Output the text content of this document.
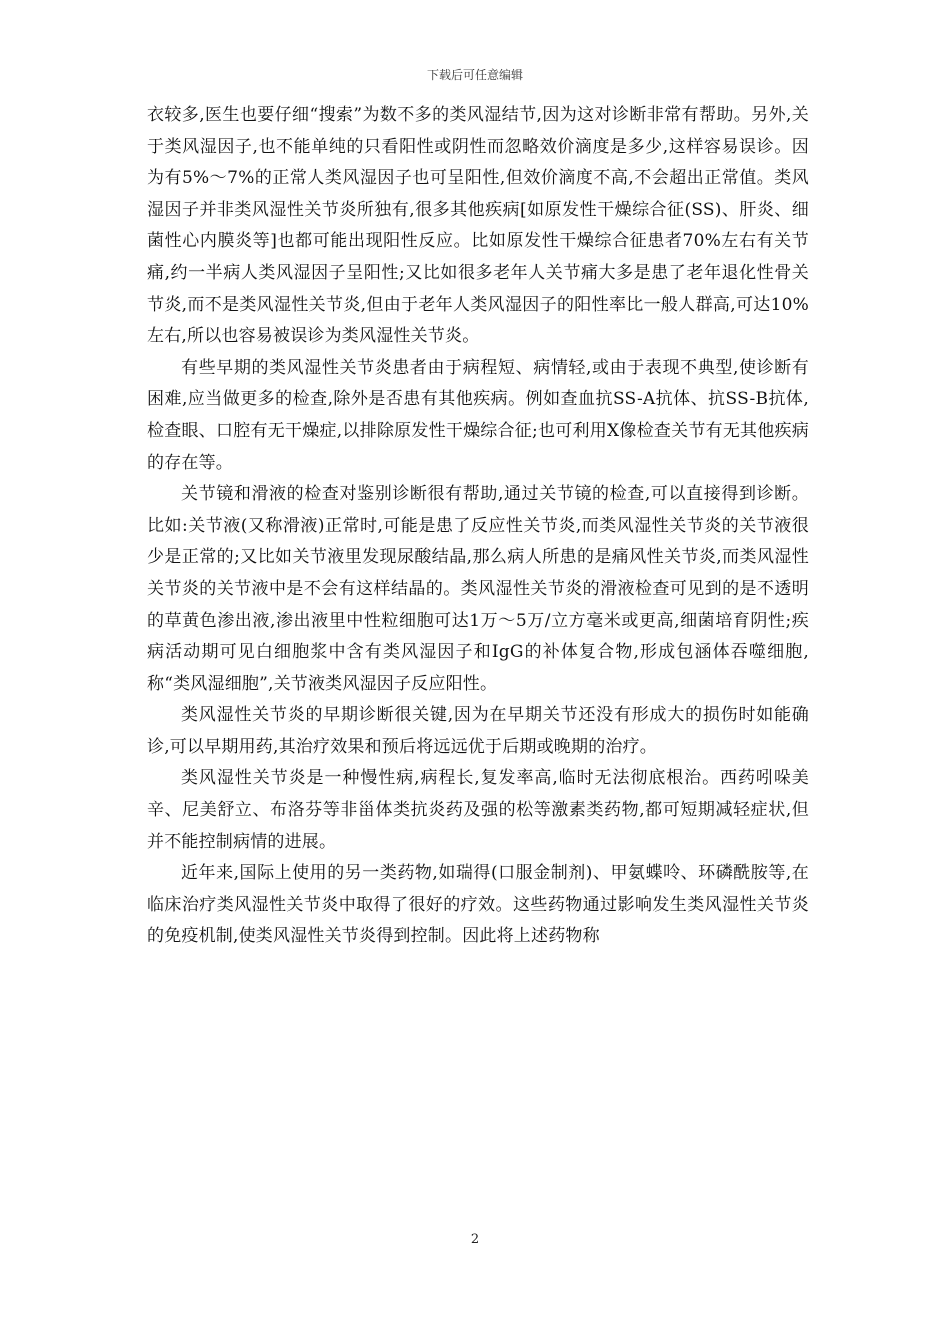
下载后可任意编辑

衣较多,医生也要仔细“搜索”为数不多的类风湿结节,因为这对诊断非常有帮助。另外,关于类风湿因子,也不能单纯的只看阳性或阴性而忽略效价滴度是多少,这样容易误诊。因为有5%～7%的正常人类风湿因子也可呈阳性,但效价滴度不高,不会超出正常值。类风湿因子并非类风湿性关节炎所独有,很多其他疾病[如原发性干燥综合征(SS)、肝炎、细菌性心内膜炎等]也都可能出现阳性反应。比如原发性干燥综合征患者70%左右有关节痛,约一半病人类风湿因子呈阳性;又比如很多老年人关节痛大多是患了老年退化性骨关节炎,而不是类风湿性关节炎,但由于老年人类风湿因子的阳性率比一般人群高,可达10%左右,所以也容易被误诊为类风湿性关节炎。

有些早期的类风湿性关节炎患者由于病程短、病情轻,或由于表现不典型,使诊断有困难,应当做更多的检查,除外是否患有其他疾病。例如查血抗SS-A抗体、抗SS-B抗体,检查眼、口腔有无干燥症,以排除原发性干燥综合征;也可利用X像检查关节有无其他疾病的存在等。

关节镜和滑液的检查对鉴别诊断很有帮助,通过关节镜的检查,可以直接得到诊断。比如:关节液(又称滑液)正常时,可能是患了反应性关节炎,而类风湿性关节炎的关节液很少是正常的;又比如关节液里发现尿酸结晶,那么病人所患的是痛风性关节炎,而类风湿性关节炎的关节液中是不会有这样结晶的。类风湿性关节炎的滑液检查可见到的是不透明的草黄色渗出液,渗出液里中性粒细胞可达1万～5万/立方毫米或更高,细菌培育阴性;疾病活动期可见白细胞浆中含有类风湿因子和IgG的补体复合物,形成包涵体吞噬细胞,称“类风湿细胞”,关节液类风湿因子反应阳性。

类风湿性关节炎的早期诊断很关键,因为在早期关节还没有形成大的损伤时如能确诊,可以早期用药,其治疗效果和预后将远远优于后期或晚期的治疗。

类风湿性关节炎是一种慢性病,病程长,复发率高,临时无法彻底根治。西药吲哚美辛、尼美舒立、布洛芬等非甾体类抗炎药及强的松等激素类药物,都可短期减轻症状,但并不能控制病情的进展。

近年来,国际上使用的另一类药物,如瑞得(口服金制剂)、甲氨蝶呤、环磷酰胺等,在临床治疗类风湿性关节炎中取得了很好的疗效。这些药物通过影响发生类风湿性关节炎的免疫机制,使类风湿性关节炎得到控制。因此将上述药物称

2
